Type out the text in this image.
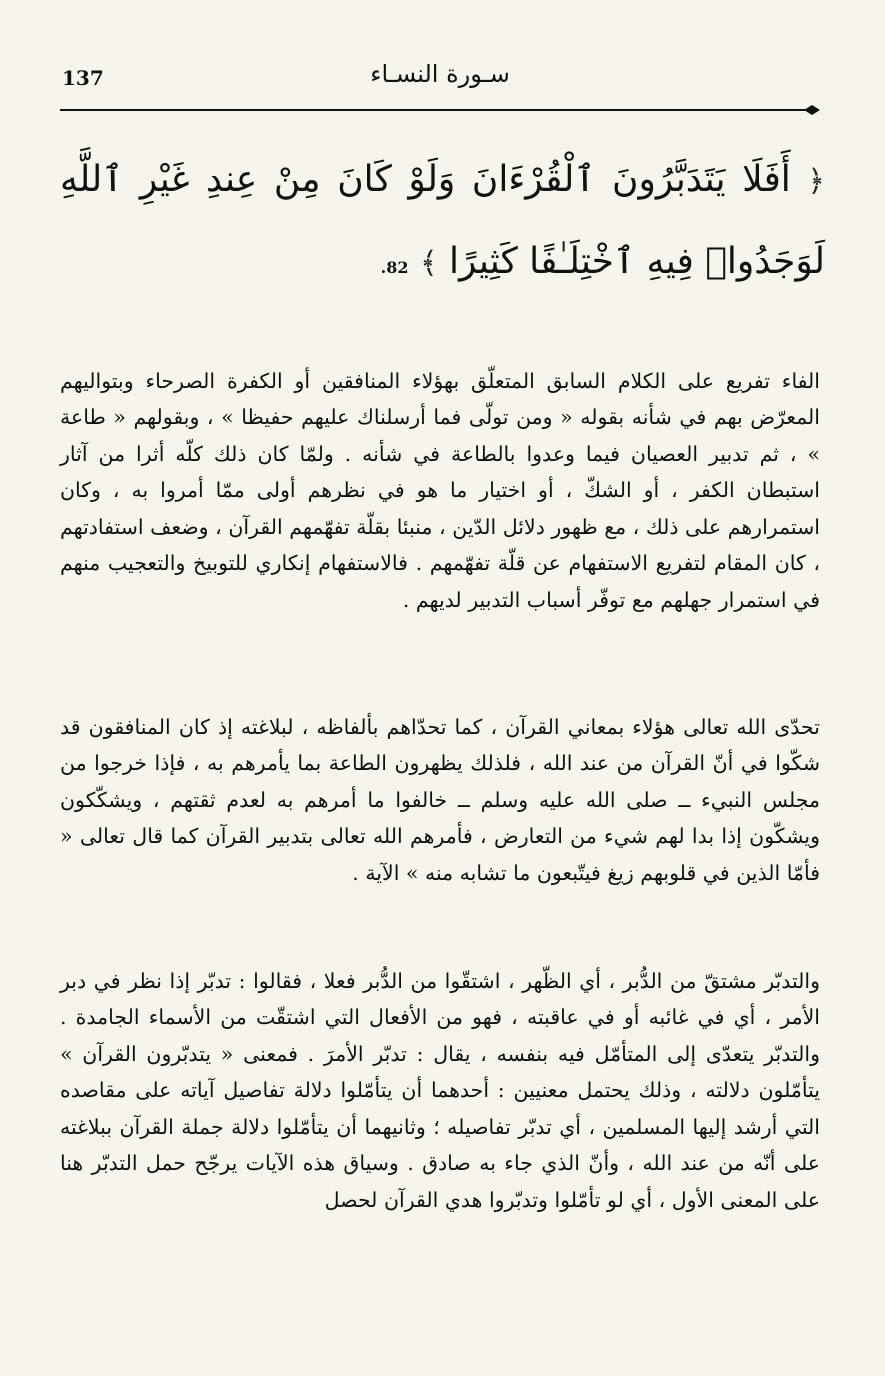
137	سـورة النسـاء
﴿ أَفَلَا يَتَدَبَّرُونَ ٱلْقُرْءَانَ وَلَوْ كَانَ مِنْ عِندِ غَيْرِ ٱللَّهِ لَوَجَدُوا۟ فِيهِ ٱخْتِلَـٰفًا كَثِيرًا ﴾ 82.

الفاء تفريع على الكلام السابق المتعلّق بهؤلاء المنافقين أو الكفرة الصرحاء وبتواليهم المعرّض بهم في شأنه بقوله « ومن تولّى فما أرسلناك عليهم حفيظا » ، وبقولهم « طاعة » ، ثم تدبير العصيان فيما وعدوا بالطاعة في شأنه . ولمّا كان ذلك كلّه أثرا من آثار استبطان الكفر ، أو الشكّ ، أو اختيار ما هو في نظرهم أولى ممّا أمروا به ، وكان استمرارهم على ذلك ، مع ظهور دلائل الدّين ، منبئا بقلّة تفهّمهم القرآن ، وضعف استفادتهم ، كان المقام لتفريع الاستفهام عن قلّة تفهّمهم . فالاستفهام إنكاري للتوبيخ والتعجيب منهم في استمرار جهلهم مع توفّر أسباب التدبير لديهم .

تحدّى الله تعالى هؤلاء بمعاني القرآن ، كما تحدّاهم بألفاظه ، لبلاغته إذ كان المنافقون قد شكّوا في أنّ القرآن من عند الله ، فلذلك يظهرون الطاعة بما يأمرهم به ، فإذا خرجوا من مجلس النبيء ــ صلى الله عليه وسلم ــ خالفوا ما أمرهم به لعدم ثقتهم ، ويشكّكون ويشكّون إذا بدا لهم شيء من التعارض ، فأمرهم الله تعالى بتدبير القرآن كما قال تعالى « فأمّا الذين في قلوبهم زيغ فيتّبعون ما تشابه منه » الآية .

والتدبّر مشتقّ من الدُّبر ، أي الظّهر ، اشتقّوا من الدُّبر فعلا ، فقالوا : تدبّر إذا نظر في دبر الأمر ، أي في غائبه أو في عاقبته ، فهو من الأفعال التي اشتقّت من الأسماء الجامدة . والتدبّر يتعدّى إلى المتأمّل فيه بنفسه ، يقال : تدبّر الأمرَ . فمعنى « يتدبّرون القرآن » يتأمّلون دلالته ، وذلك يحتمل معنيين : أحدهما أن يتأمّلوا دلالة تفاصيل آياته على مقاصده التي أرشد إليها المسلمين ، أي تدبّر تفاصيله ؛ وثانيهما أن يتأمّلوا دلالة جملة القرآن ببلاغته على أنّه من عند الله ، وأنّ الذي جاء به صادق . وسياق هذه الآيات يرجّح حمل التدبّر هنا على المعنى الأول ، أي لو تأمّلوا وتدبّروا هدي القرآن لحصل
